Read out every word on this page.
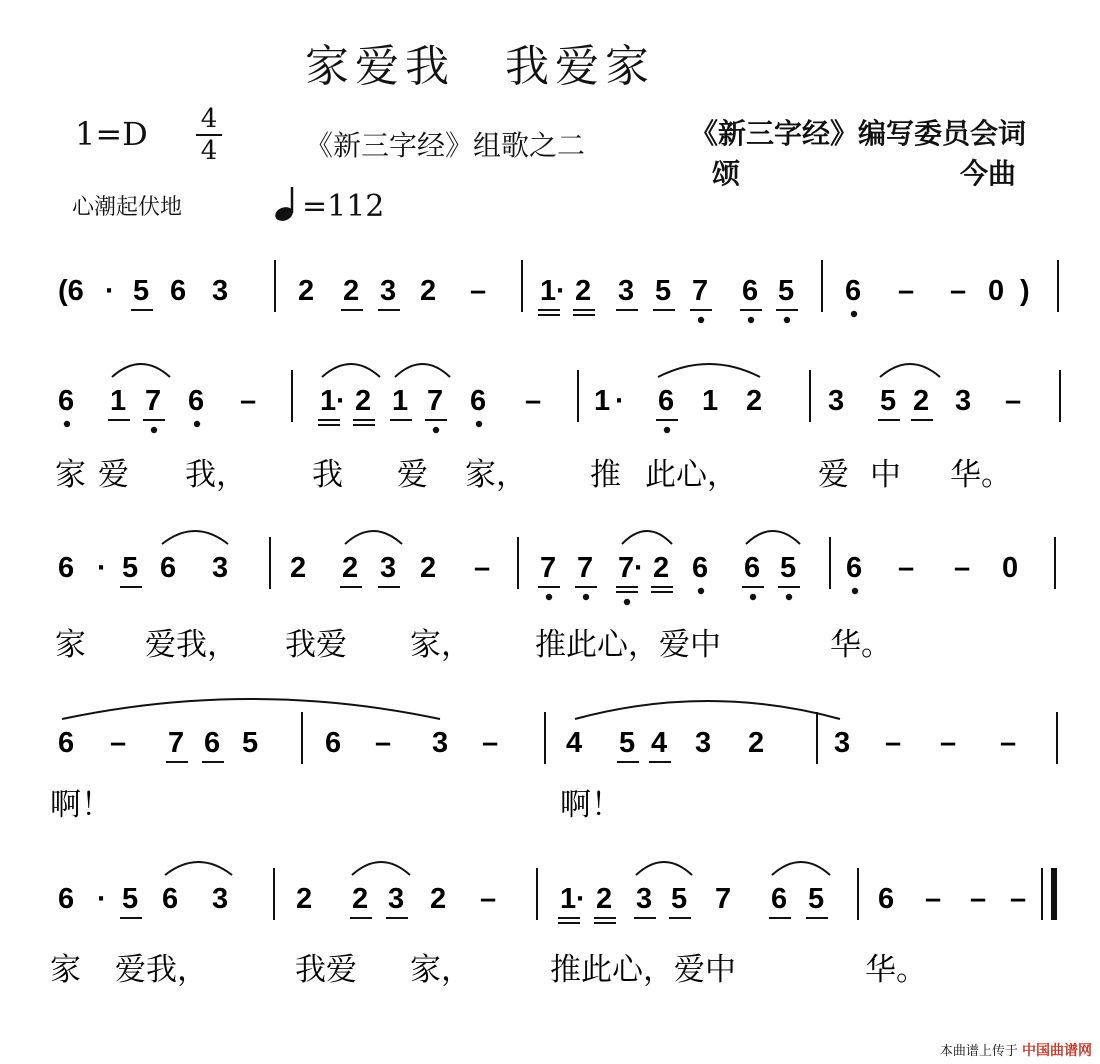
家爱我　我爱家
1=D 4
4	《新三字经》组歌之二	《新三字经》编写委员会词
颂	今曲
心潮起伏地	=112
(6 · 5 6 3 2 2 3 2 – 1 · 2 3 5 7 6 5 6 – – 0 )
6 1 7 6 – 1 · 2 1 7 6 – 1 · 6 1 2 3 5 2 3 –
家 爱 我， 我 爱 家， 推 此心，	爱 中 华。
6 · 5 6 3 2 2 3 2 – 7 7 7 · 2 6 6 5 6 – – 0
家 爱我， 我爱 家， 推此心，爱中	华。
6 – 7 6 5 6 – 3 – 4 5 4 3 2 3 – – –
啊！	啊！
6 · 5 6 3 2 2 3 2 – 1 · 2 3 5 7 6 5 6 – – –
家 爱我，	我爱 家，	推此心，爱中	华。
本曲谱上传于 中国曲谱网
